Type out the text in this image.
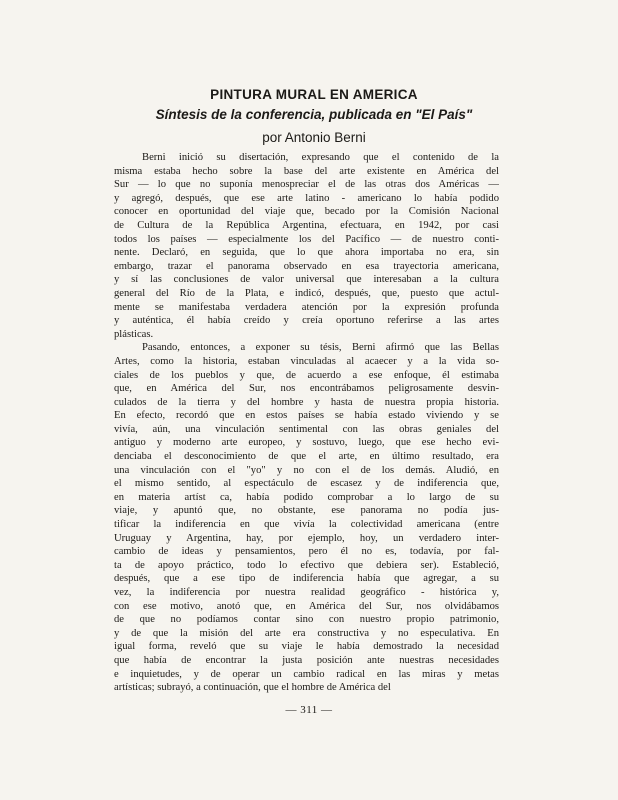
PINTURA MURAL EN AMERICA
Síntesis de la conferencia, publicada en "El País"
por Antonio Berni
Berni inició su disertación, expresando que el contenido de la
misma estaba hecho sobre la base del arte existente en América del
Sur — lo que no suponía menospreciar el de las otras dos Américas —
y agregó, después, que ese arte latino - americano lo había podido
conocer en oportunidad del viaje que, becado por la Comisión Nacional
de Cultura de la República Argentina, efectuara, en 1942, por casi
todos los países — especialmente los del Pacífico — de nuestro conti-
nente. Declaró, en seguida, que lo que ahora importaba no era, sin
embargo, trazar el panorama observado en esa trayectoria americana,
y sí las conclusiones de valor universal que interesaban a la cultura
general del Río de la Plata, e indicó, después, que, puesto que actul-
mente se manifestaba verdadera atención por la expresión profunda
y auténtica, él había creído y creía oportuno referirse a las artes
plásticas.
Pasando, entonces, a exponer su tésis, Berni afirmó que las Bellas
Artes, como la historia, estaban vinculadas al acaecer y a la vida so-
ciales de los pueblos y que, de acuerdo a ese enfoque, él estimaba
que, en América del Sur, nos encontrábamos peligrosamente desvin-
culados de la tierra y del hombre y hasta de nuestra propia historia.
En efecto, recordó que en estos países se había estado viviendo y se
vivía, aún, una vinculación sentimental con las obras geniales del
antiguo y moderno arte europeo, y sostuvo, luego, que ese hecho evi-
denciaba el desconocimiento de que el arte, en último resultado, era
una vinculación con el "yo" y no con el de los demás. Aludió, en
el mismo sentido, al espectáculo de escasez y de indiferencia que,
en materia artíst ca, había podido comprobar a lo largo de su
viaje, y apuntó que, no obstante, ese panorama no podía jus-
tificar la indiferencia en que vivía la colectividad americana (entre
Uruguay y Argentina, hay, por ejemplo, hoy, un verdadero inter-
cambio de ideas y pensamientos, pero él no es, todavía, por fal-
ta de apoyo práctico, todo lo efectivo que debiera ser). Estableció,
después, que a ese tipo de indiferencia había que agregar, a su
vez, la indiferencia por nuestra realidad geográfico - histórica y,
con ese motivo, anotó que, en América del Sur, nos olvidábamos
de que no podíamos contar sino con nuestro propio patrimonio,
y de que la misión del arte era constructiva y no especulativa. En
igual forma, reveló que su viaje le había demostrado la necesidad
que había de encontrar la justa posición ante nuestras necesidades
e inquietudes, y de operar un cambio radical en las miras y metas
artísticas; subrayó, a continuación, que el hombre de América del
— 311 —
